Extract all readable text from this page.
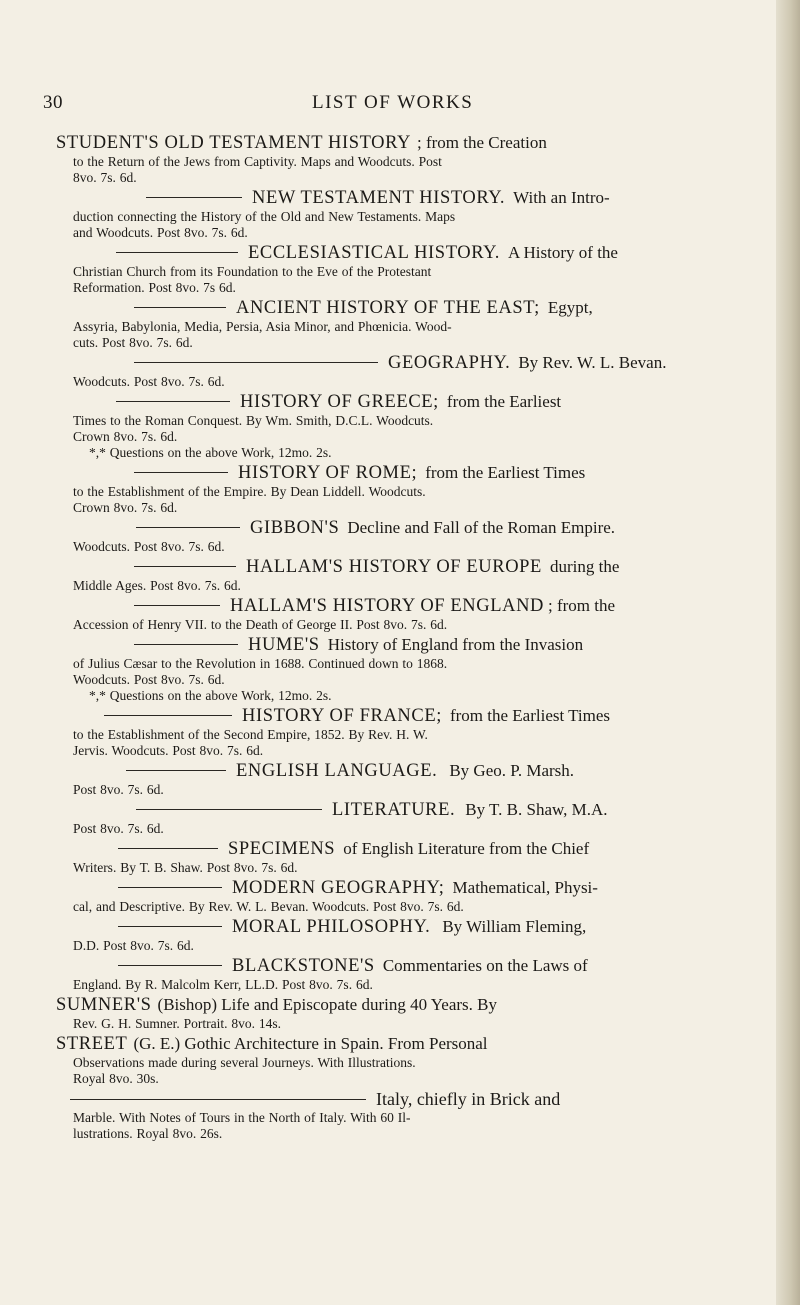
30	LIST OF WORKS
STUDENT'S OLD TESTAMENT HISTORY ; from the Creation
to the Return of the Jews from Captivity. Maps and Woodcuts. Post
8vo. 7s. 6d.
NEW TESTAMENT HISTORY. With an Intro-
duction connecting the History of the Old and New Testaments. Maps
and Woodcuts. Post 8vo. 7s. 6d.
ECCLESIASTICAL HISTORY. A History of the
Christian Church from its Foundation to the Eve of the Protestant
Reformation. Post 8vo. 7s 6d.
ANCIENT HISTORY OF THE EAST; Egypt,
Assyria, Babylonia, Media, Persia, Asia Minor, and Phœnicia. Wood-
cuts. Post 8vo. 7s. 6d.
GEOGRAPHY. By Rev. W. L. Bevan.
Woodcuts. Post 8vo. 7s. 6d.
HISTORY OF GREECE; from the Earliest
Times to the Roman Conquest. By Wm. Smith, D.C.L. Woodcuts.
Crown 8vo. 7s. 6d.
*,* Questions on the above Work, 12mo. 2s.
HISTORY OF ROME; from the Earliest Times
to the Establishment of the Empire. By Dean Liddell. Woodcuts.
Crown 8vo. 7s. 6d.
GIBBON'S Decline and Fall of the Roman Empire.
Woodcuts. Post 8vo. 7s. 6d.
HALLAM'S HISTORY OF EUROPE during the
Middle Ages. Post 8vo. 7s. 6d.
HALLAM'S HISTORY OF ENGLAND ; from the
Accession of Henry VII. to the Death of George II. Post 8vo. 7s. 6d.
HUME'S History of England from the Invasion
of Julius Cæsar to the Revolution in 1688. Continued down to 1868.
Woodcuts. Post 8vo. 7s. 6d.
*,* Questions on the above Work, 12mo. 2s.
HISTORY OF FRANCE; from the Earliest Times
to the Establishment of the Second Empire, 1852. By Rev. H. W.
Jervis. Woodcuts. Post 8vo. 7s. 6d.
ENGLISH LANGUAGE. By Geo. P. Marsh.
Post 8vo. 7s. 6d.
LITERATURE. By T. B. Shaw, M.A.
Post 8vo. 7s. 6d.
SPECIMENS of English Literature from the Chief
Writers. By T. B. Shaw. Post 8vo. 7s. 6d.
MODERN GEOGRAPHY; Mathematical, Physi-
cal, and Descriptive. By Rev. W. L. Bevan. Woodcuts. Post 8vo. 7s. 6d.
MORAL PHILOSOPHY. By William Fleming,
D.D. Post 8vo. 7s. 6d.
BLACKSTONE'S Commentaries on the Laws of
England. By R. Malcolm Kerr, LL.D. Post 8vo. 7s. 6d.
SUMNER'S (Bishop) Life and Episcopate during 40 Years. By
Rev. G. H. Sumner. Portrait. 8vo. 14s.
STREET (G. E.) Gothic Architecture in Spain. From Personal
Observations made during several Journeys. With Illustrations.
Royal 8vo. 30s.
Italy, chiefly in Brick and
Marble. With Notes of Tours in the North of Italy. With 60 Il-
lustrations. Royal 8vo. 26s.
